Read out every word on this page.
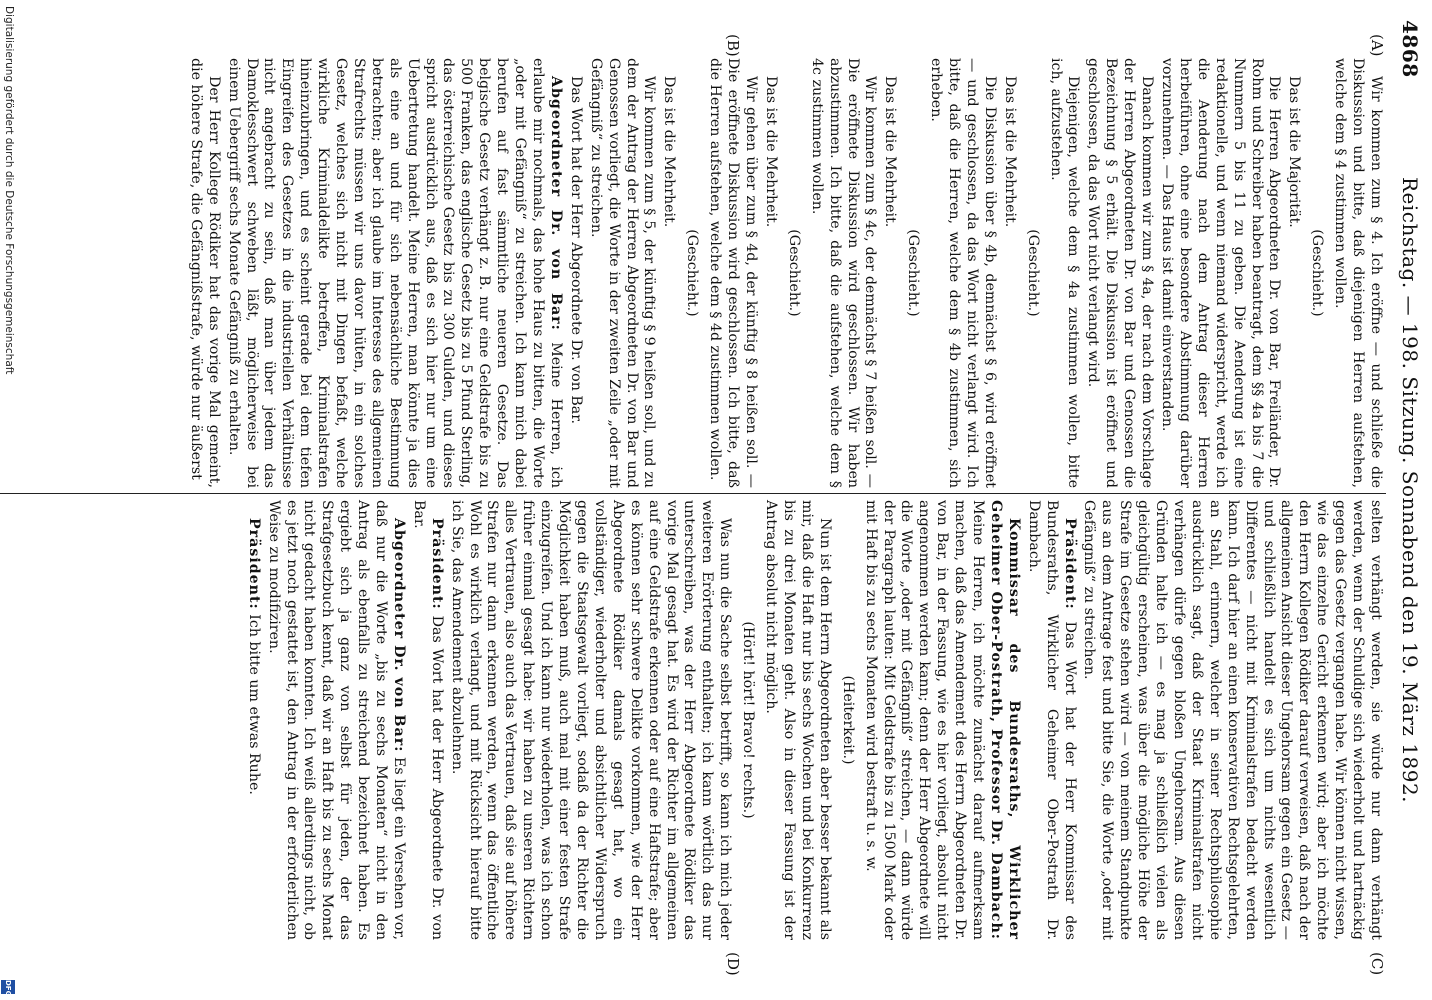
4868
Reichstag. — 198. Sitzung. Sonnabend den 19. März 1892.
(A)
(B)
(C)
(D)

Wir kommen zum § 4. Ich eröffne — und schließe die Diskussion und bitte, daß diejenigen Herren aufstehen, welche dem § 4 zustimmen wollen.

(Geschieht.)

Das ist die Majorität.

Die Herren Abgeordneten Dr. von Bar, Freiländer, Dr. Rohm und Schreiber haben beantragt, dem §§ 4a bis 7 die Nummern 5 bis 11 zu geben. Die Aenderung ist eine redaktionelle, und wenn niemand widerspricht, werde ich die Aenderung nach dem Antrag dieser Herren herbeiführen, ohne eine besondere Abstimmung darüber vorzunehmen. — Das Haus ist damit einverstanden.

Danach kommen wir zum § 4a, der nach dem Vorschlage der Herren Abgeordneten Dr. von Bar und Genossen die Bezeichnung § 5 erhält. Die Diskussion ist eröffnet und geschlossen, da das Wort nicht verlangt wird.

Diejenigen, welche dem § 4a zustimmen wollen, bitte ich, aufzustehen.

(Geschieht.)

Das ist die Mehrheit.

Die Diskussion über § 4b, demnächst § 6, wird eröffnet — und geschlossen, da das Wort nicht verlangt wird. Ich bitte, daß die Herren, welche dem § 4b zustimmen, sich erheben.

(Geschieht.)

Das ist die Mehrheit.

Wir kommen zum § 4c, der demnächst § 7 heißen soll. — Die eröffnete Diskussion wird geschlossen. Wir haben abzustimmen. Ich bitte, daß die aufstehen, welche dem § 4c zustimmen wollen.

(Geschieht.)

Das ist die Mehrheit.

Wir gehen über zum § 4d, der künftig § 8 heißen soll. — Die eröffnete Diskussion wird geschlossen. Ich bitte, daß die Herren aufstehen, welche dem § 4d zustimmen wollen.

(Geschieht.)

Das ist die Mehrheit.

Wir kommen zum § 5, der künftig § 9 heißen soll, und zu dem der Antrag der Herren Abgeordneten Dr. von Bar und Genossen vorliegt, die Worte in der zweiten Zeile „oder mit Gefängniß“ zu streichen.

Das Wort hat der Herr Abgeordnete Dr. von Bar.

Abgeordneter Dr. von Bar: Meine Herren, ich erlaube mir nochmals, das hohe Haus zu bitten, die Worte „oder mit Gefängniß“ zu streichen. Ich kann mich dabei berufen auf fast sämmtliche neueren Gesetze. Das belgische Gesetz verhängt z. B. nur eine Geldstrafe bis zu 500 Franken, das englische Gesetz bis zu 5 Pfund Sterling, das österreichische Gesetz bis zu 300 Gulden, und dieses spricht ausdrücklich aus, daß es sich hier nur um eine Uebertretung handelt. Meine Herren, man könnte ja dies als eine an und für sich nebensächliche Bestimmung betrachten; aber ich glaube im Interesse des allgemeinen Strafrechts müssen wir uns davor hüten, in ein solches Gesetz, welches sich nicht mit Dingen befaßt, welche wirkliche Kriminaldelikte betreffen, Kriminalstrafen hineinzubringen, und es scheint gerade bei dem tiefen Eingreifen des Gesetzes in die industriellen Verhältnisse nicht angebracht zu sein, daß man über jedem das Damoklesschwert schweben läßt, möglicherweise bei einem Uebergriff sechs Monate Gefängniß zu erhalten.

Der Herr Kollege Rödiker hat das vorige Mal gemeint, die höhere Strafe, die Gefängnißstrafe, würde nur äußerst

selten verhängt werden, sie würde nur dann verhängt werden, wenn der Schuldige sich wiederholt und hartnäckig gegen das Gesetz vergangen habe. Wir können nicht wissen, wie das einzelne Gericht erkennen wird; aber ich möchte den Herrn Kollegen Rödiker darauf verweisen, daß nach der allgemeinen Ansicht dieser Ungehorsam gegen ein Gesetz — und schließlich handelt es sich um nichts wesentlich Differentes — nicht mit Kriminalstrafen bedacht werden kann. Ich darf hier an einen konservativen Rechtsgelehrten, an Stahl, erinnern, welcher in seiner Rechtsphilosophie ausdrücklich sagt, daß der Staat Kriminalstrafen nicht verhängen dürfe gegen bloßen Ungehorsam. Aus diesen Gründen halte ich — es mag ja schließlich vielen als gleichgültig erscheinen, was über die mögliche Höhe der Strafe im Gesetze stehen wird — von meinem Standpunkte aus an dem Antrage fest und bitte Sie, die Worte „oder mit Gefängniß“ zu streichen.

Präsident: Das Wort hat der Herr Kommissar des Bundesraths, Wirklicher Geheimer Ober-Postrath Dr. Dambach.

Kommissar des Bundesraths, Wirklicher Geheimer Ober-Postrath, Professor Dr. Dambach: Meine Herren, ich möchte zunächst darauf aufmerksam machen, daß das Amendement des Herrn Abgeordneten Dr. von Bar, in der Fassung, wie es hier vorliegt, absolut nicht angenommen werden kann; denn der Herr Abgeordnete will die Worte „oder mit Gefängniß“ streichen, — dann würde der Paragraph lauten: Mit Geldstrafe bis zu 1500 Mark oder mit Haft bis zu sechs Monaten wird bestraft u. s. w.

(Heiterkeit.)

Nun ist dem Herrn Abgeordneten aber besser bekannt als mir, daß die Haft nur bis sechs Wochen und bei Konkurrenz bis zu drei Monaten geht. Also in dieser Fassung ist der Antrag absolut nicht möglich.

(Hört! hört! Bravo! rechts.)

Was nun die Sache selbst betrifft, so kann ich mich jeder weiteren Erörterung enthalten; ich kann wörtlich das nur unterschreiben, was der Herr Abgeordnete Rödiker das vorige Mal gesagt hat. Es wird der Richter im allgemeinen auf eine Geldstrafe erkennen oder auf eine Haftstrafe; aber es können sehr schwere Delikte vorkommen, wie der Herr Abgeordnete Rödiker damals gesagt hat, wo ein vollständiger, wiederholter und absichtlicher Widerspruch gegen die Staatsgewalt vorliegt, sodaß da der Richter die Möglichkeit haben muß, auch mal mit einer festen Strafe einzugreifen. Und ich kann nur wiederholen, was ich schon früher einmal gesagt habe: wir haben zu unseren Richtern alles Vertrauen, also auch das Vertrauen, daß sie auf höhere Strafen nur dann erkennen werden, wenn das öffentliche Wohl es wirklich verlangt, und mit Rücksicht hierauf bitte ich Sie, das Amendement abzulehnen.

Präsident: Das Wort hat der Herr Abgeordnete Dr. von Bar.

Abgeordneter Dr. von Bar: Es liegt ein Versehen vor, daß nur die Worte „bis zu sechs Monaten“ nicht in den Antrag als ebenfalls zu streichend bezeichnet haben. Es ergiebt sich ja ganz von selbst für jeden, der das Strafgesetzbuch kennt, daß wir an Haft bis zu sechs Monat nicht gedacht haben konnten. Ich weiß allerdings nicht, ob es jetzt noch gestattet ist, den Antrag in der erforderlichen Weise zu modifiziren.

Präsident: Ich bitte um etwas Ruhe.

Digitalisierung gefördert durch die Deutsche Forschungsgemeinschaft
DFG
